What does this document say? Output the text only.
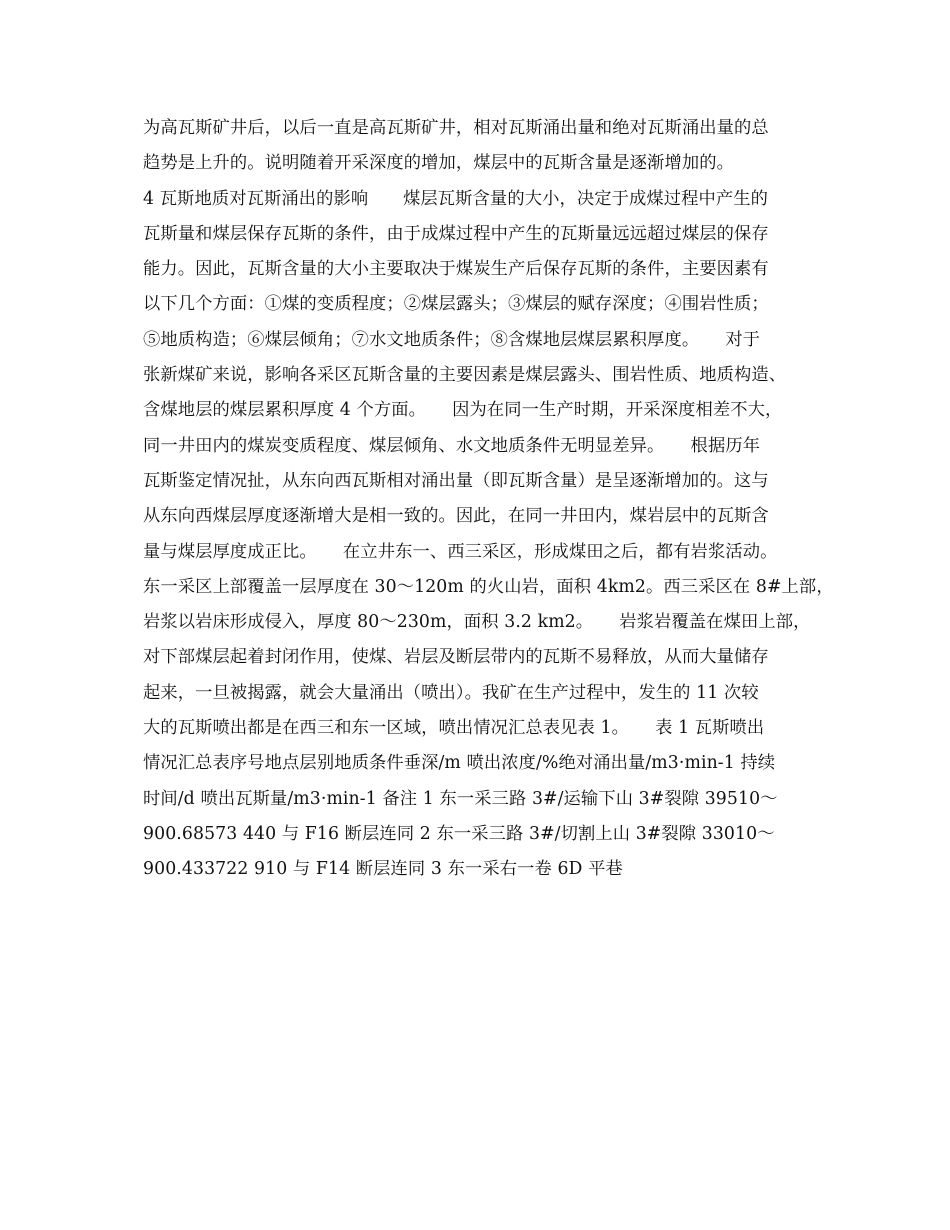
为高瓦斯矿井后，以后一直是高瓦斯矿井，相对瓦斯涌出量和绝对瓦斯涌出量的总
趋势是上升的。说明随着开采深度的增加，煤层中的瓦斯含量是逐渐增加的。
4 瓦斯地质对瓦斯涌出的影响　　煤层瓦斯含量的大小，决定于成煤过程中产生的
瓦斯量和煤层保存瓦斯的条件，由于成煤过程中产生的瓦斯量远远超过煤层的保存
能力。因此，瓦斯含量的大小主要取决于煤炭生产后保存瓦斯的条件，主要因素有
以下几个方面：①煤的变质程度；②煤层露头；③煤层的赋存深度；④围岩性质；
⑤地质构造；⑥煤层倾角；⑦水文地质条件；⑧含煤地层煤层累积厚度。　　对于
张新煤矿来说，影响各采区瓦斯含量的主要因素是煤层露头、围岩性质、地质构造、
含煤地层的煤层累积厚度 4 个方面。　　因为在同一生产时期，开采深度相差不大，
同一井田内的煤炭变质程度、煤层倾角、水文地质条件无明显差异。　　根据历年
瓦斯鉴定情况扯，从东向西瓦斯相对涌出量（即瓦斯含量）是呈逐渐增加的。这与
从东向西煤层厚度逐渐增大是相一致的。因此，在同一井田内，煤岩层中的瓦斯含
量与煤层厚度成正比。　　在立井东一、西三采区，形成煤田之后，都有岩浆活动。
东一采区上部覆盖一层厚度在 30～120m 的火山岩，面积 4km2。西三采区在 8#上部，
岩浆以岩床形成侵入，厚度 80～230m，面积 3.2 km2。　　岩浆岩覆盖在煤田上部，
对下部煤层起着封闭作用，使煤、岩层及断层带内的瓦斯不易释放，从而大量储存
起来，一旦被揭露，就会大量涌出（喷出）。我矿在生产过程中，发生的 11 次较
大的瓦斯喷出都是在西三和东一区域，喷出情况汇总表见表 1。　　表 1 瓦斯喷出
情况汇总表序号地点层别地质条件垂深/m 喷出浓度/%绝对涌出量/m3·min-1 持续
时间/d 喷出瓦斯量/m3·min-1 备注 1 东一采三路 3#/运输下山 3#裂隙 39510～
900.68573 440 与 F16 断层连同 2 东一采三路 3#/切割上山 3#裂隙 33010～
900.433722 910 与 F14 断层连同 3 东一采右一卷 6D 平巷
